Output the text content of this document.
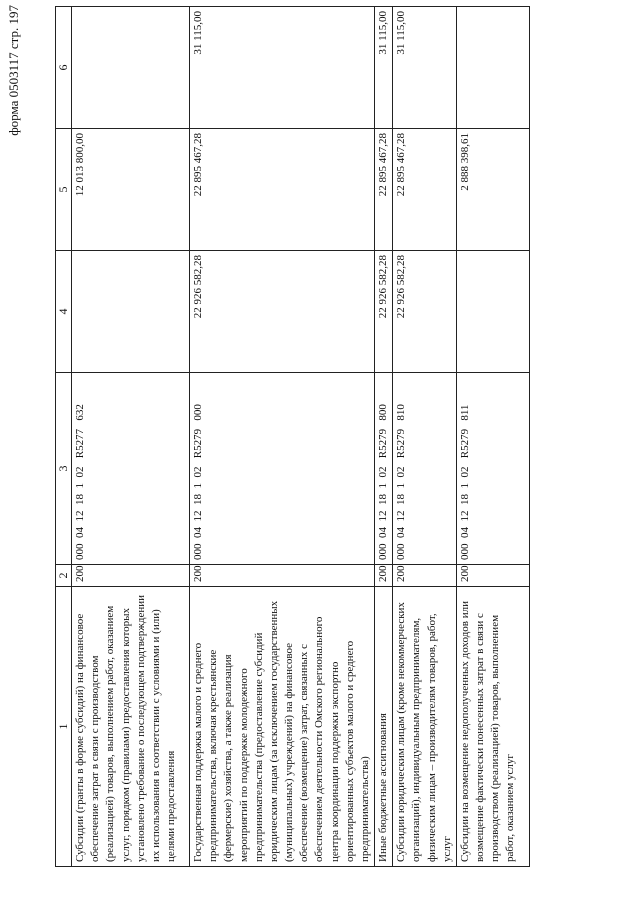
форма 0503117 стр. 197
1	2	3	4	5	6
Субсидии (гранты в форме субсидий) на финансовое обеспечение затрат в связи с производством (реализацией) товаров, выполнением работ, оказанием услуг, порядком (правилами) предоставления которых установлено требование о последующем подтверждении их использования в соответствии с условиями и (или) целями предоставления	200	000  04  12  18  1  02   R5277   632		12 013 800,00	
Государственная поддержка малого и среднего предпринимательства, включая крестьянские (фермерские) хозяйства, а также реализация мероприятий по поддержке молодежного предпринимательства (предоставление субсидий юридическим лицам (за исключением государственных (муниципальных) учреждений) на финансовое обеспечение (возмещение) затрат, связанных с обеспечением деятельности Омского регионального центра координации поддержки экспортно ориентированных субъектов малого и среднего предпринимательства)	200	000  04  12  18  1  02   R5279   000	22 926 582,28	22 895 467,28	31 115,00
Иные бюджетные ассигнования	200	000  04  12  18  1  02   R5279   800	22 926 582,28	22 895 467,28	31 115,00
Субсидии юридическим лицам (кроме некоммерческих организаций), индивидуальным предпринимателям, физическим лицам – производителям товаров, работ, услуг	200	000  04  12  18  1  02   R5279   810	22 926 582,28	22 895 467,28	31 115,00
Субсидии на возмещение недополученных доходов или возмещение фактически понесенных затрат в связи с производством (реализацией) товаров, выполнением работ, оказанием услуг	200	000  04  12  18  1  02   R5279   811		2 888 398,61	
